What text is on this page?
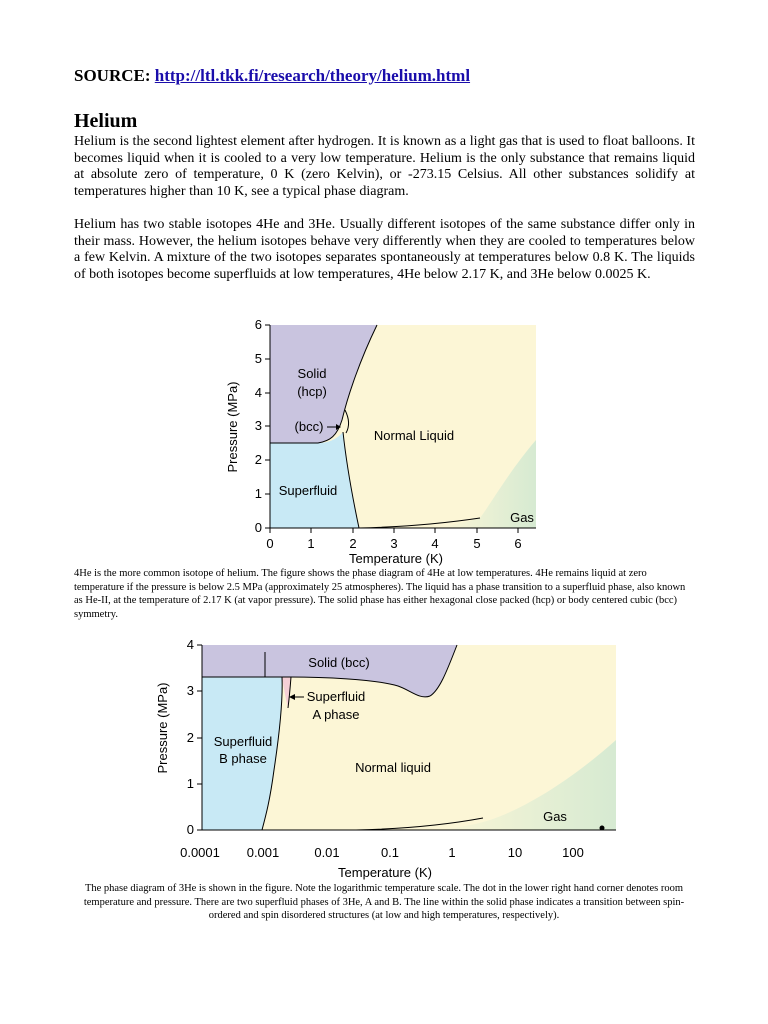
SOURCE: http://ltl.tkk.fi/research/theory/helium.html
Helium
Helium is the second lightest element after hydrogen. It is known as a light gas that is used to float balloons. It becomes liquid when it is cooled to a very low temperature. Helium is the only substance that remains liquid at absolute zero of temperature, 0 K (zero Kelvin), or -273.15 Celsius. All other substances solidify at temperatures higher than 10 K, see a typical phase diagram.
Helium has two stable isotopes 4He and 3He. Usually different isotopes of the same substance differ only in their mass. However, the helium isotopes behave very differently when they are cooled to temperatures below a few Kelvin. A mixture of the two isotopes separates spontaneously at temperatures below 0.8 K. The liquids of both isotopes become superfluids at low temperatures, 4He below 2.17 K, and 3He below 0.0025 K.
0
1
2
3
4
5
6
0	1	2	3	4	5	6
Temperature (K)
Pressure (MPa)
Solid
(hcp)
(bcc)
Normal Liquid
Superfluid
Gas
4He is the more common isotope of helium. The figure shows the phase diagram of 4He at low temperatures. 4He remains liquid at zero temperature if the pressure is below 2.5 MPa (approximately 25 atmospheres). The liquid has a phase transition to a superfluid phase, also known as He-II, at the temperature of 2.17 K (at vapor pressure). The solid phase has either hexagonal close packed (hcp) or body centered cubic (bcc) symmetry.
0
1
2
3
4
0.0001 0.001	0.01	0.1	1	10	100
Temperature (K)
Pressure (MPa)
Solid (bcc)
Superfluid
A phase
Superfluid
B phase
Normal liquid
Gas
The phase diagram of 3He is shown in the figure. Note the logarithmic temperature scale. The dot in the lower right hand corner denotes room temperature and pressure. There are two superfluid phases of 3He, A and B. The line within the solid phase indicates a transition between spin-ordered and spin disordered structures (at low and high temperatures, respectively).
